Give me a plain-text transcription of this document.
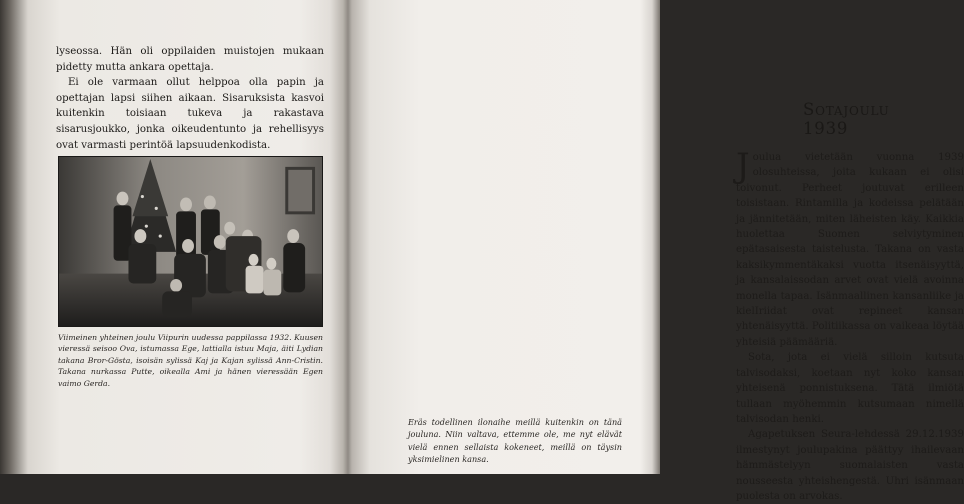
lyseossa. Hän oli oppilaiden muistojen mukaan pidetty mutta ankara opettaja.

Ei ole varmaan ollut helppoa olla papin ja opettajan lapsi siihen aikaan. Sisaruksista kasvoi kuitenkin toisiaan tukeva ja rakastava sisarusjoukko, jonka oikeudentunto ja rehellisyys ovat varmasti perintöä lapsuudenkodista.

Viimeinen yhteinen joulu Viipurin uudessa pappilassa 1932. Kuusen vieressä seisoo Ova, istumassa Ege, lattialla istuu Maja, äiti Lydian takana Bror-Gösta, isoisän sylissä Kaj ja Kajan sylissä Ann-Cristin. Takana nurkassa Putte, oikealla Ami ja hänen vieressään Egen vaimo Gerda.

Sotajoulu 1939

Joulua vietetään vuonna 1939 olosuhteissa, joita kukaan ei olisi toivonut. Perheet joutuvat erilleen toisistaan. Rintamilla ja kodeissa pelätään ja jännitetään, miten läheisten käy. Kaikkia huolettaa Suomen selviytyminen epätasaisesta taistelusta. Takana on vasta kaksikymmentäkaksi vuotta itsenäisyyttä, ja kansalaissodan arvet ovat vielä avoinna monella tapaa. Isänmaallinen kansanliike ja kielIriidat ovat repineet kansan yhtenäisyyttä. Politiikassa on vaikeaa löytää yhteisiä päämääriä.

Sota, jota ei vielä silloin kutsuta talvisodaksi, koetaan nyt koko kansan yhteisenä ponnistuksena. Tätä ilmiötä tullaan myöhemmin kutsumaan nimellä talvisodan henki.

Agapetuksen Seura-lehdessä 29.12.1939 ilmestynyt joulupakina päättyy ihailevaan hämmästelyyn suomalaisten vasta nousseesta yhteishengestä. Uhri isänmaan puolesta on arvokas.

Eräs todellinen ilonaihe meillä kuitenkin on tänä jouluna. Niin valtava, ettemme ole, me nyt elävät vielä ennen sellaista kokeneet, meillä on täysin yksimielinen kansa.
